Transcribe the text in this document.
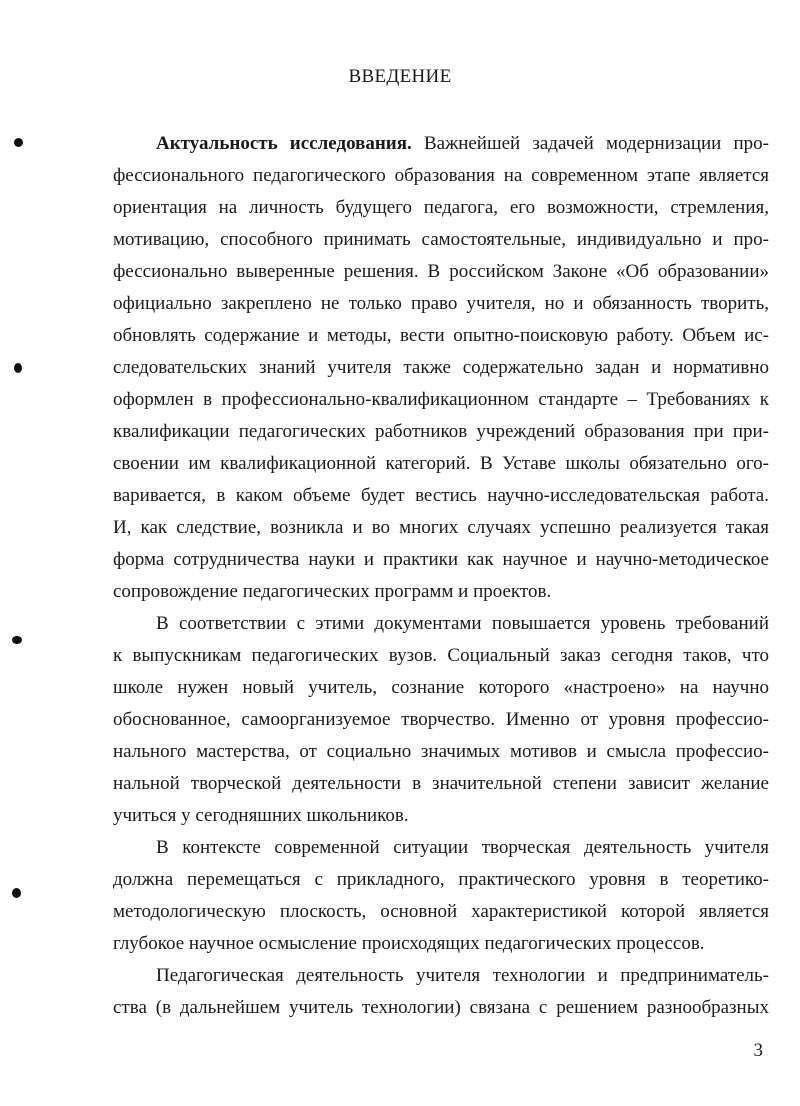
ВВЕДЕНИЕ
Актуальность исследования. Важнейшей задачей модернизации про-
фессионального педагогического образования на современном этапе является
ориентация на личность будущего педагога, его возможности, стремления,
мотивацию, способного принимать самостоятельные, индивидуально и про-
фессионально выверенные решения. В российском Законе «Об образовании»
официально закреплено не только право учителя, но и обязанность творить,
обновлять содержание и методы, вести опытно-поисковую работу. Объем ис-
следовательских знаний учителя также содержательно задан и нормативно
оформлен в профессионально-квалификационном стандарте – Требованиях к
квалификации педагогических работников учреждений образования при при-
своении им квалификационной категорий. В Уставе школы обязательно ого-
варивается, в каком объеме будет вестись научно-исследовательская работа.
И, как следствие, возникла и во многих случаях успешно реализуется такая
форма сотрудничества науки и практики как научное и научно-методическое
сопровождение педагогических программ и проектов.
В соответствии с этими документами повышается уровень требований
к выпускникам педагогических вузов. Социальный заказ сегодня таков, что
школе нужен новый учитель, сознание которого «настроено» на научно
обоснованное, самоорганизуемое творчество. Именно от уровня профессио-
нального мастерства, от социально значимых мотивов и смысла профессио-
нальной творческой деятельности в значительной степени зависит желание
учиться у сегодняшних школьников.
В контексте современной ситуации творческая деятельность учителя
должна перемещаться с прикладного, практического уровня в теоретико-
методологическую плоскость, основной характеристикой которой является
глубокое научное осмысление происходящих педагогических процессов.
Педагогическая деятельность учителя технологии и предприниматель-
ства (в дальнейшем учитель технологии) связана с решением разнообразных
3
